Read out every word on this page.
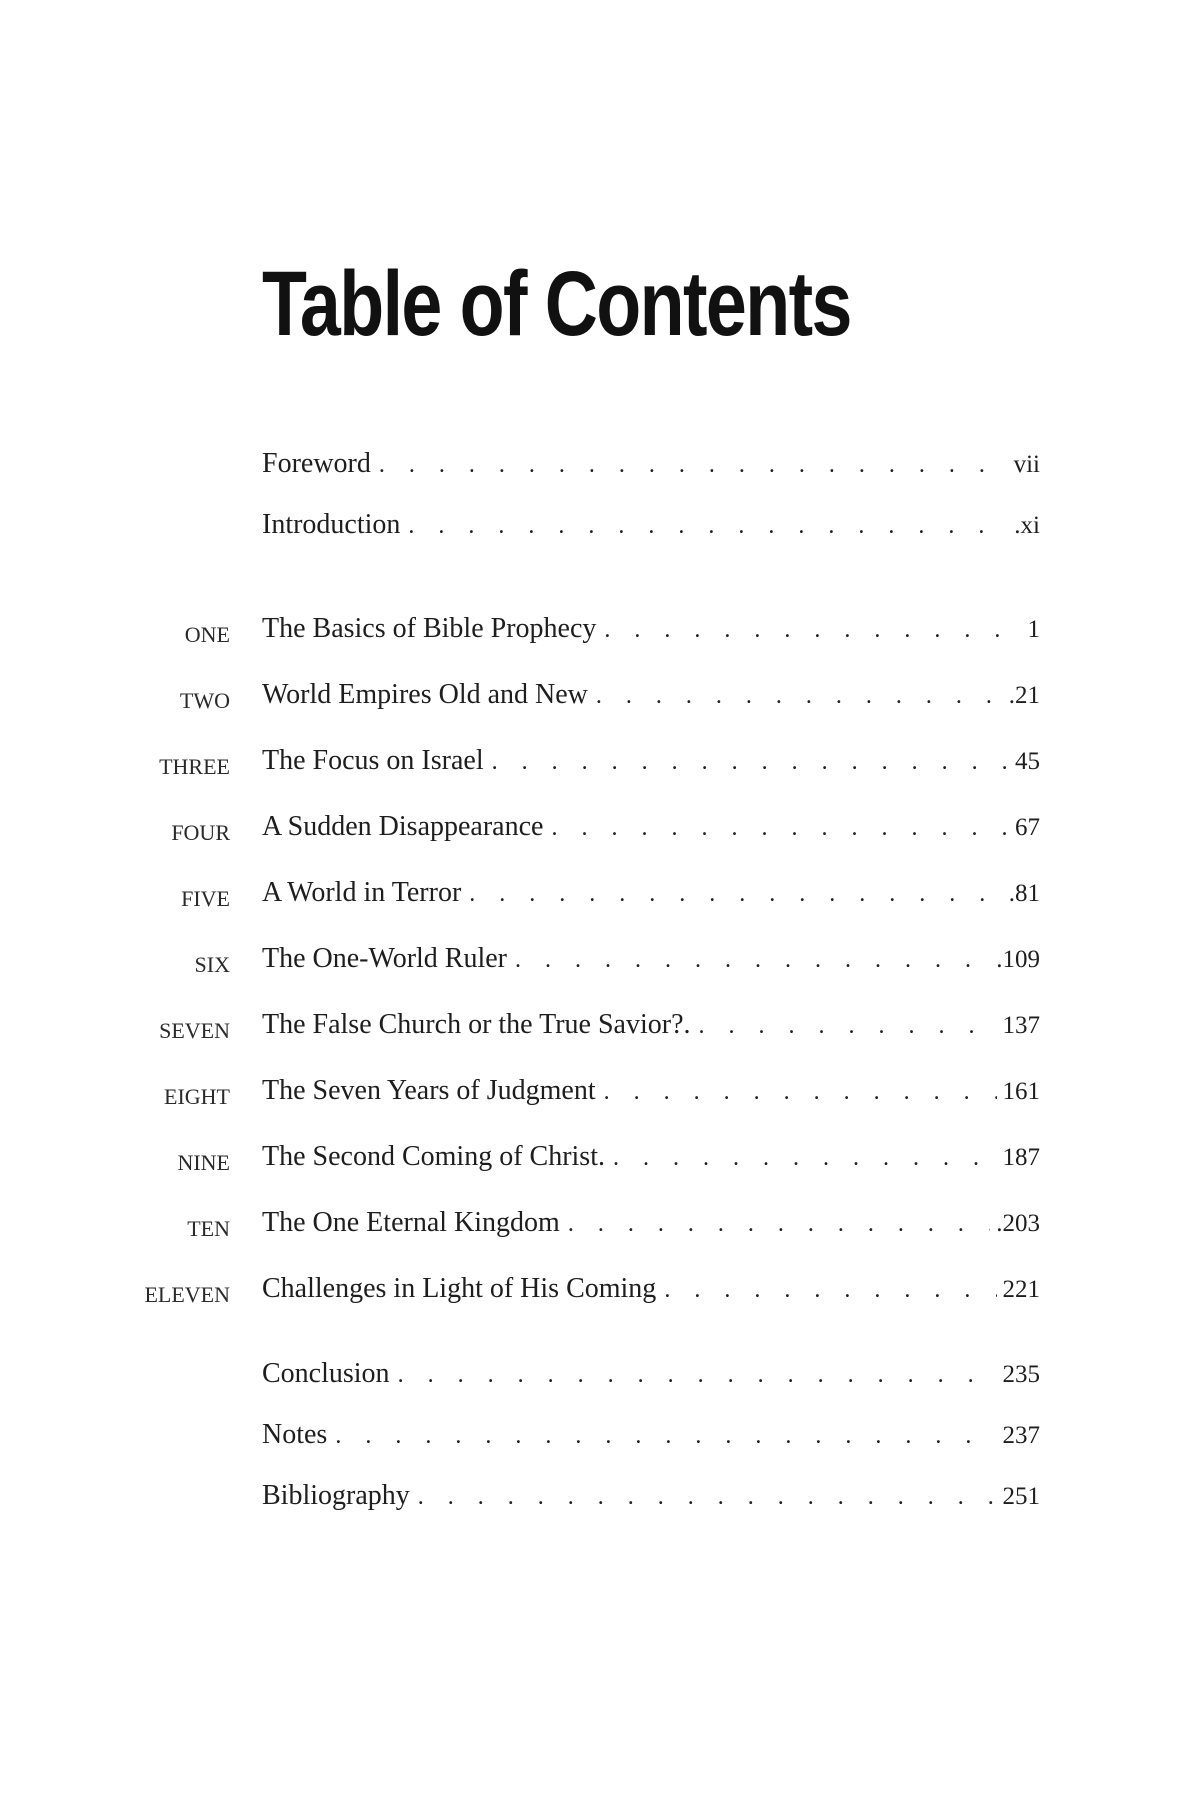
Table of Contents
Foreword . . .	vii
Introduction . . .	.xi
ONE The Basics of Bible Prophecy . . .	1
TWO World Empires Old and New . . .	.21
THREE The Focus on Israel . . .	45
FOUR A Sudden Disappearance . . .	67
FIVE A World in Terror . . .	.81
SIX The One-World Ruler . . .	.109
SEVEN The False Church or the True Savior?. . . .	137
EIGHT The Seven Years of Judgment . . .	161
NINE The Second Coming of Christ. . . .	187
TEN The One Eternal Kingdom . . .	.203
ELEVEN Challenges in Light of His Coming . . .	221
Conclusion . . .	235
Notes . . .	237
Bibliography . . .	251
